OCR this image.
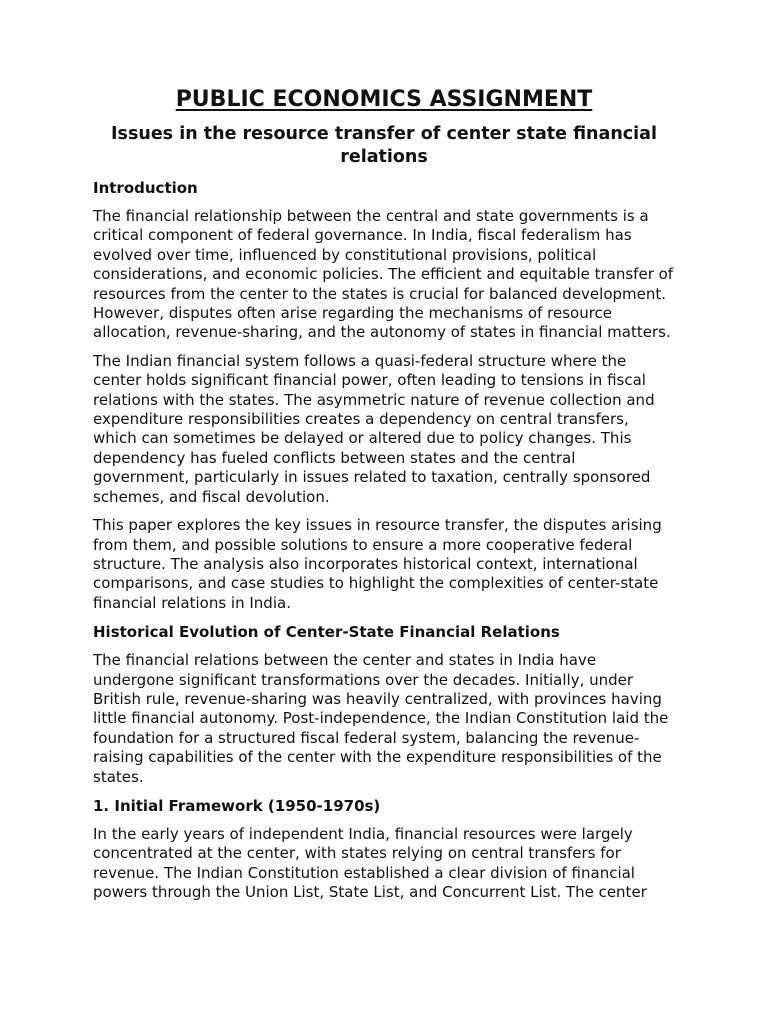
PUBLIC ECONOMICS ASSIGNMENT
Issues in the resource transfer of center state financial relations
Introduction

The financial relationship between the central and state governments is a critical component of federal governance. In India, fiscal federalism has evolved over time, influenced by constitutional provisions, political considerations, and economic policies. The efficient and equitable transfer of resources from the center to the states is crucial for balanced development. However, disputes often arise regarding the mechanisms of resource allocation, revenue-sharing, and the autonomy of states in financial matters.

The Indian financial system follows a quasi-federal structure where the center holds significant financial power, often leading to tensions in fiscal relations with the states. The asymmetric nature of revenue collection and expenditure responsibilities creates a dependency on central transfers, which can sometimes be delayed or altered due to policy changes. This dependency has fueled conflicts between states and the central government, particularly in issues related to taxation, centrally sponsored schemes, and fiscal devolution.

This paper explores the key issues in resource transfer, the disputes arising from them, and possible solutions to ensure a more cooperative federal structure. The analysis also incorporates historical context, international comparisons, and case studies to highlight the complexities of center-state financial relations in India.

Historical Evolution of Center-State Financial Relations

The financial relations between the center and states in India have undergone significant transformations over the decades. Initially, under British rule, revenue-sharing was heavily centralized, with provinces having little financial autonomy. Post-independence, the Indian Constitution laid the foundation for a structured fiscal federal system, balancing the revenue-raising capabilities of the center with the expenditure responsibilities of the states.

1. Initial Framework (1950-1970s)

In the early years of independent India, financial resources were largely concentrated at the center, with states relying on central transfers for revenue. The Indian Constitution established a clear division of financial powers through the Union List, State List, and Concurrent List. The center
